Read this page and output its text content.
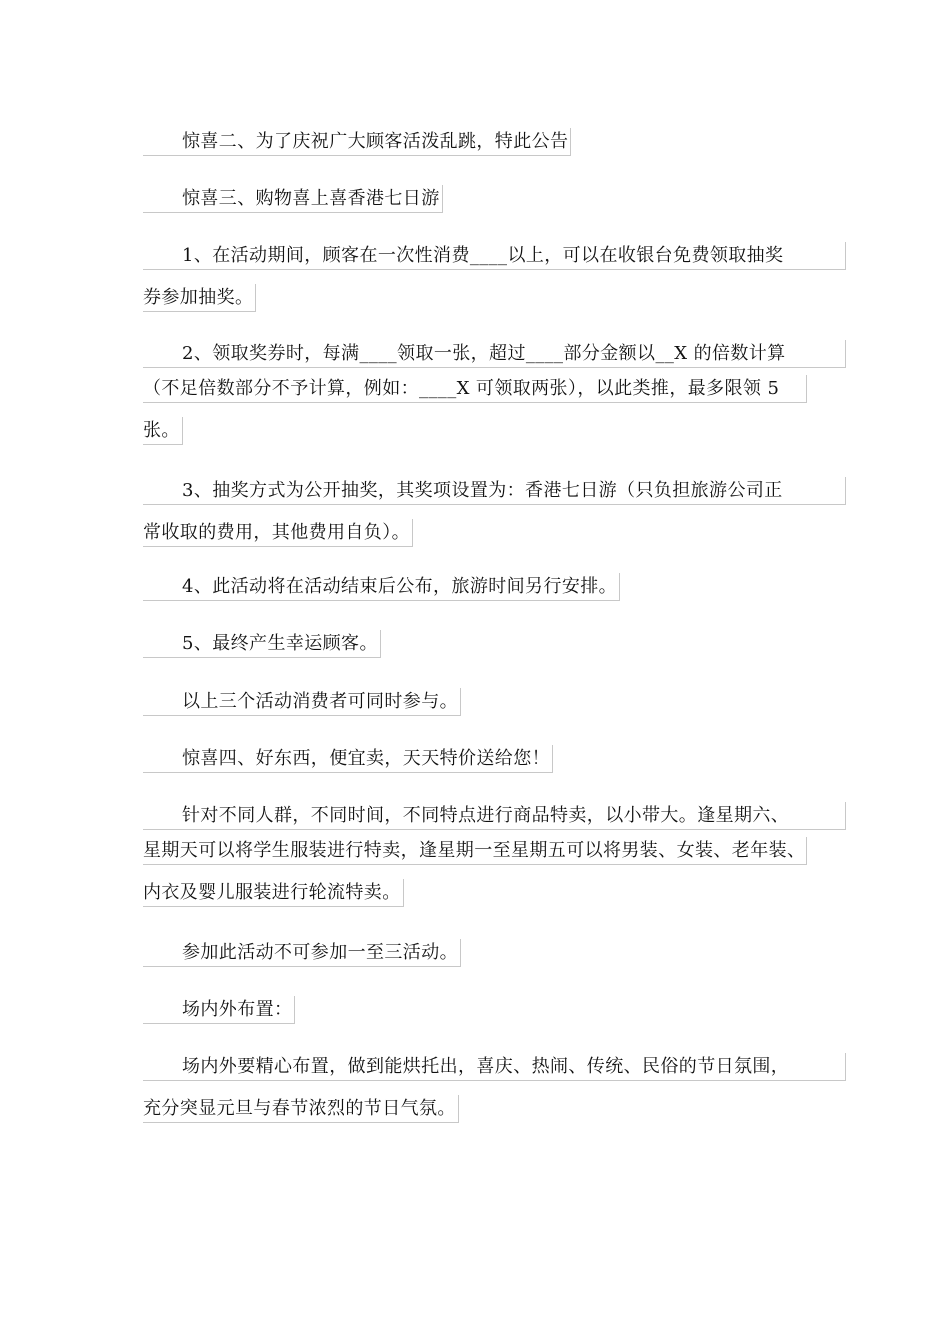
惊喜二、为了庆祝广大顾客活泼乱跳，特此公告

惊喜三、购物喜上喜香港七日游

1、在活动期间，顾客在一次性消费____以上，可以在收银台免费领取抽奖
券参加抽奖。

2、领取奖券时，每满____领取一张，超过____部分金额以__X 的倍数计算
（不足倍数部分不予计算，例如：____X 可领取两张），以此类推，最多限领 5
张。

3、抽奖方式为公开抽奖，其奖项设置为：香港七日游（只负担旅游公司正
常收取的费用，其他费用自负）。

4、此活动将在活动结束后公布，旅游时间另行安排。

5、最终产生幸运顾客。

以上三个活动消费者可同时参与。

惊喜四、好东西，便宜卖，天天特价送给您！

针对不同人群，不同时间，不同特点进行商品特卖，以小带大。逢星期六、
星期天可以将学生服装进行特卖，逢星期一至星期五可以将男装、女装、老年装、
内衣及婴儿服装进行轮流特卖。

参加此活动不可参加一至三活动。

场内外布置：

场内外要精心布置，做到能烘托出，喜庆、热闹、传统、民俗的节日氛围，
充分突显元旦与春节浓烈的节日气氛。
